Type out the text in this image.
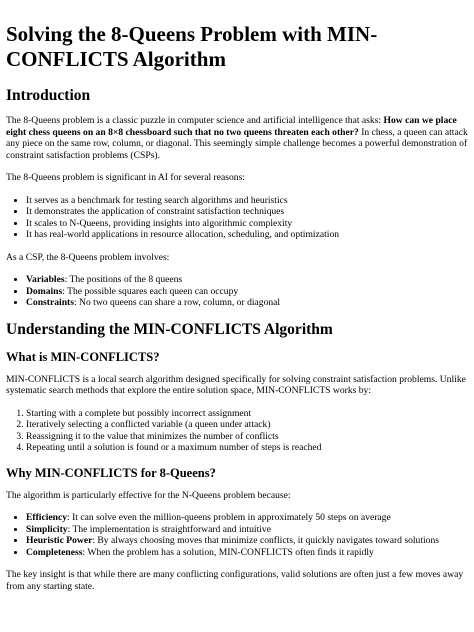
Solving the 8-Queens Problem with MIN-CONFLICTS Algorithm
Introduction

The 8-Queens problem is a classic puzzle in computer science and artificial intelligence that asks: How can we place eight chess queens on an 8×8 chessboard such that no two queens threaten each other? In chess, a queen can attack any piece on the same row, column, or diagonal. This seemingly simple challenge becomes a powerful demonstration of constraint satisfaction problems (CSPs).

The 8-Queens problem is significant in AI for several reasons:

• It serves as a benchmark for testing search algorithms and heuristics
• It demonstrates the application of constraint satisfaction techniques
• It scales to N-Queens, providing insights into algorithmic complexity
• It has real-world applications in resource allocation, scheduling, and optimization

As a CSP, the 8-Queens problem involves:

• Variables: The positions of the 8 queens
• Domains: The possible squares each queen can occupy
• Constraints: No two queens can share a row, column, or diagonal
Understanding the MIN-CONFLICTS Algorithm
What is MIN-CONFLICTS?

MIN-CONFLICTS is a local search algorithm designed specifically for solving constraint satisfaction problems. Unlike systematic search methods that explore the entire solution space, MIN-CONFLICTS works by:

1. Starting with a complete but possibly incorrect assignment
2. Iteratively selecting a conflicted variable (a queen under attack)
3. Reassigning it to the value that minimizes the number of conflicts
4. Repeating until a solution is found or a maximum number of steps is reached
Why MIN-CONFLICTS for 8-Queens?

The algorithm is particularly effective for the N-Queens problem because:

• Efficiency: It can solve even the million-queens problem in approximately 50 steps on average
• Simplicity: The implementation is straightforward and intuitive
• Heuristic Power: By always choosing moves that minimize conflicts, it quickly navigates toward solutions
• Completeness: When the problem has a solution, MIN-CONFLICTS often finds it rapidly

The key insight is that while there are many conflicting configurations, valid solutions are often just a few moves away from any starting state.
